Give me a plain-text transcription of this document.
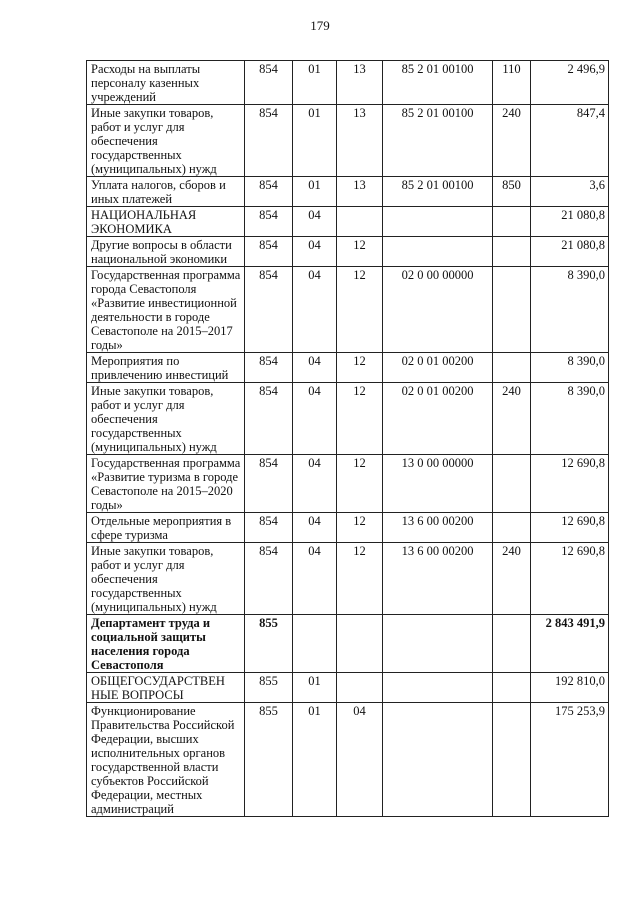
179
Расходы на выплаты персоналу казенных учреждений	854	01	13	85 2 01 00100	110	2 496,9
Иные закупки товаров, работ и услуг для обеспечения государственных (муниципальных) нужд	854	01	13	85 2 01 00100	240	847,4
Уплата налогов, сборов и иных платежей	854	01	13	85 2 01 00100	850	3,6
НАЦИОНАЛЬНАЯ ЭКОНОМИКА	854	04				21 080,8
Другие вопросы в области национальной экономики	854	04	12			21 080,8
Государственная программа города Севастополя «Развитие инвестиционной деятельности в городе Севастополе на 2015–2017 годы»	854	04	12	02 0 00 00000		8 390,0
Мероприятия по привлечению инвестиций	854	04	12	02 0 01 00200		8 390,0
Иные закупки товаров, работ и услуг для обеспечения государственных (муниципальных) нужд	854	04	12	02 0 01 00200	240	8 390,0
Государственная программа «Развитие туризма в городе Севастополе на 2015–2020 годы»	854	04	12	13 0 00 00000		12 690,8
Отдельные мероприятия в сфере туризма	854	04	12	13 6 00 00200		12 690,8
Иные закупки товаров, работ и услуг для обеспечения государственных (муниципальных) нужд	854	04	12	13 6 00 00200	240	12 690,8
Департамент труда и социальной защиты населения города Севастополя	855					2 843 491,9
ОБЩЕГОСУДАРСТВЕН НЫЕ ВОПРОСЫ	855	01				192 810,0
Функционирование Правительства Российской Федерации, высших исполнительных органов государственной власти субъектов Российской Федерации, местных администраций	855	01	04			175 253,9
